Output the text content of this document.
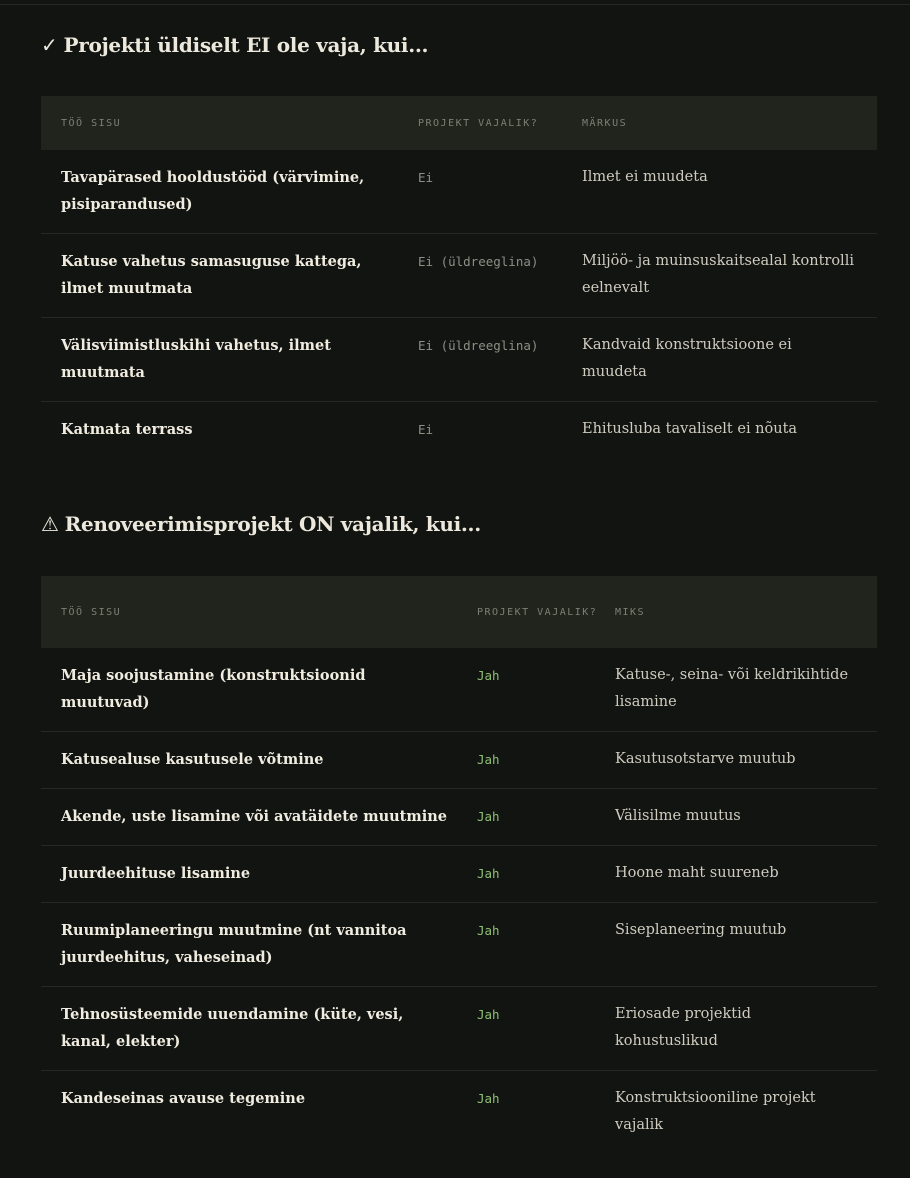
✓ Projekti üldiselt EI ole vaja, kui...
TÖÖ SISU	PROJEKT VAJALIK?	MÄRKUS
Tavapärased hooldustööd (värvimine, pisiparandused)	Ei	Ilmet ei muudeta
Katuse vahetus samasuguse kattega, ilmet muutmata	Ei (üldreeglina)	Miljöö- ja muinsuskaitsealal kontrolli eelnevalt
Välisviimistluskihi vahetus, ilmet muutmata	Ei (üldreeglina)	Kandvaid konstruktsioone ei muudeta
Katmata terrass	Ei	Ehitusluba tavaliselt ei nõuta
⚠ Renoveerimisprojekt ON vajalik, kui...
TÖÖ SISU	PROJEKT VAJALIK?	MIKS
Maja soojustamine (konstruktsioonid muutuvad)	Jah	Katuse-, seina- või keldrikihtide lisamine
Katusealuse kasutusele võtmine	Jah	Kasutusotstarve muutub
Akende, uste lisamine või avatäidete muutmine	Jah	Välisilme muutus
Juurdeehituse lisamine	Jah	Hoone maht suureneb
Ruumiplaneeringu muutmine (nt vannitoa juurdeehitus, vaheseinad)	Jah	Siseplaneering muutub
Tehnosüsteemide uuendamine (küte, vesi, kanal, elekter)	Jah	Eriosade projektid kohustuslikud
Kandeseinas avause tegemine	Jah	Konstruktsiooniline projekt vajalik
